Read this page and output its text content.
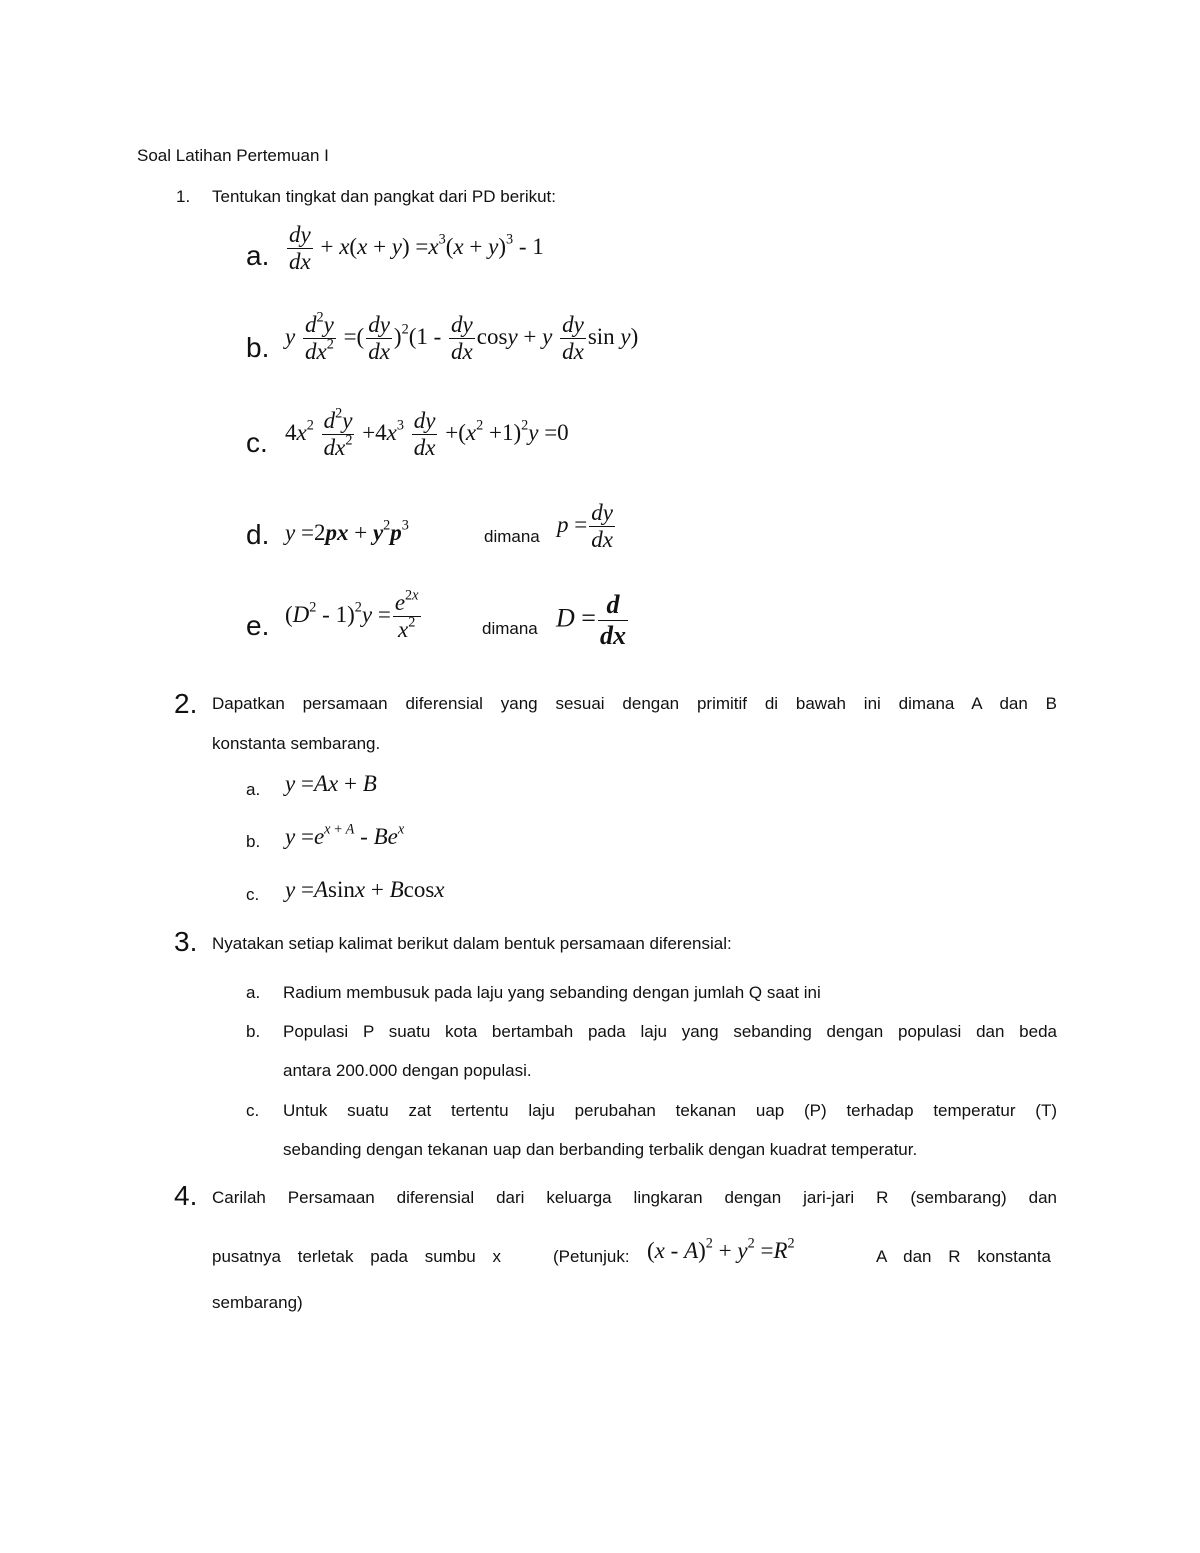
Soal Latihan Pertemuan I
1. Tentukan tingkat dan pangkat dari PD berikut:
a. $\frac{dy}{dx} + x(x + y) =x^3(x + y)^3 - 1$
b. y $\frac{d^2y}{dx^2}$ =( $\frac{dy}{dx} )^2(1 - \frac{dy}{dx}$ cosy + y $\frac{dy}{dx}$ sin y)
c. $4x^2 \frac{d^2y}{dx^2} +4x^3 \frac{dy}{dx} +(x^2 +1)^2y =0$
d. $y =2px + y^2p^3$
dimana $p = \frac{dy}{dx}$
e. $(D^2 - 1)^2y = \frac{e^{2x}}{x^2}$	dimana $D = \frac{d}{dx}$
2. Dapatkan persamaan diferensial yang sesuai dengan primitif di bawah ini dimana A dan B
konstanta sembarang.
a. y =Ax + B
b. $y =e^{x + A} - Be^x$
c. y =Asinx + Bcosx
3. Nyatakan setiap kalimat berikut dalam bentuk persamaan diferensial:
a. Radium membusuk pada laju yang sebanding dengan jumlah Q saat ini
b. Populasi P suatu kota bertambah pada laju yang sebanding dengan populasi dan beda
antara 200.000 dengan populasi.
c. Untuk suatu zat tertentu laju perubahan tekanan uap (P) terhadap temperatur (T)
sebanding dengan tekanan uap dan berbanding terbalik dengan kuadrat temperatur.
4. Carilah Persamaan diferensial dari keluarga lingkaran dengan jari-jari R (sembarang) dan
pusatnya terletak pada sumbu x	(Petunjuk: $(x - A)^2 + y^2 =R^2$
A dan R konstanta
sembarang)
